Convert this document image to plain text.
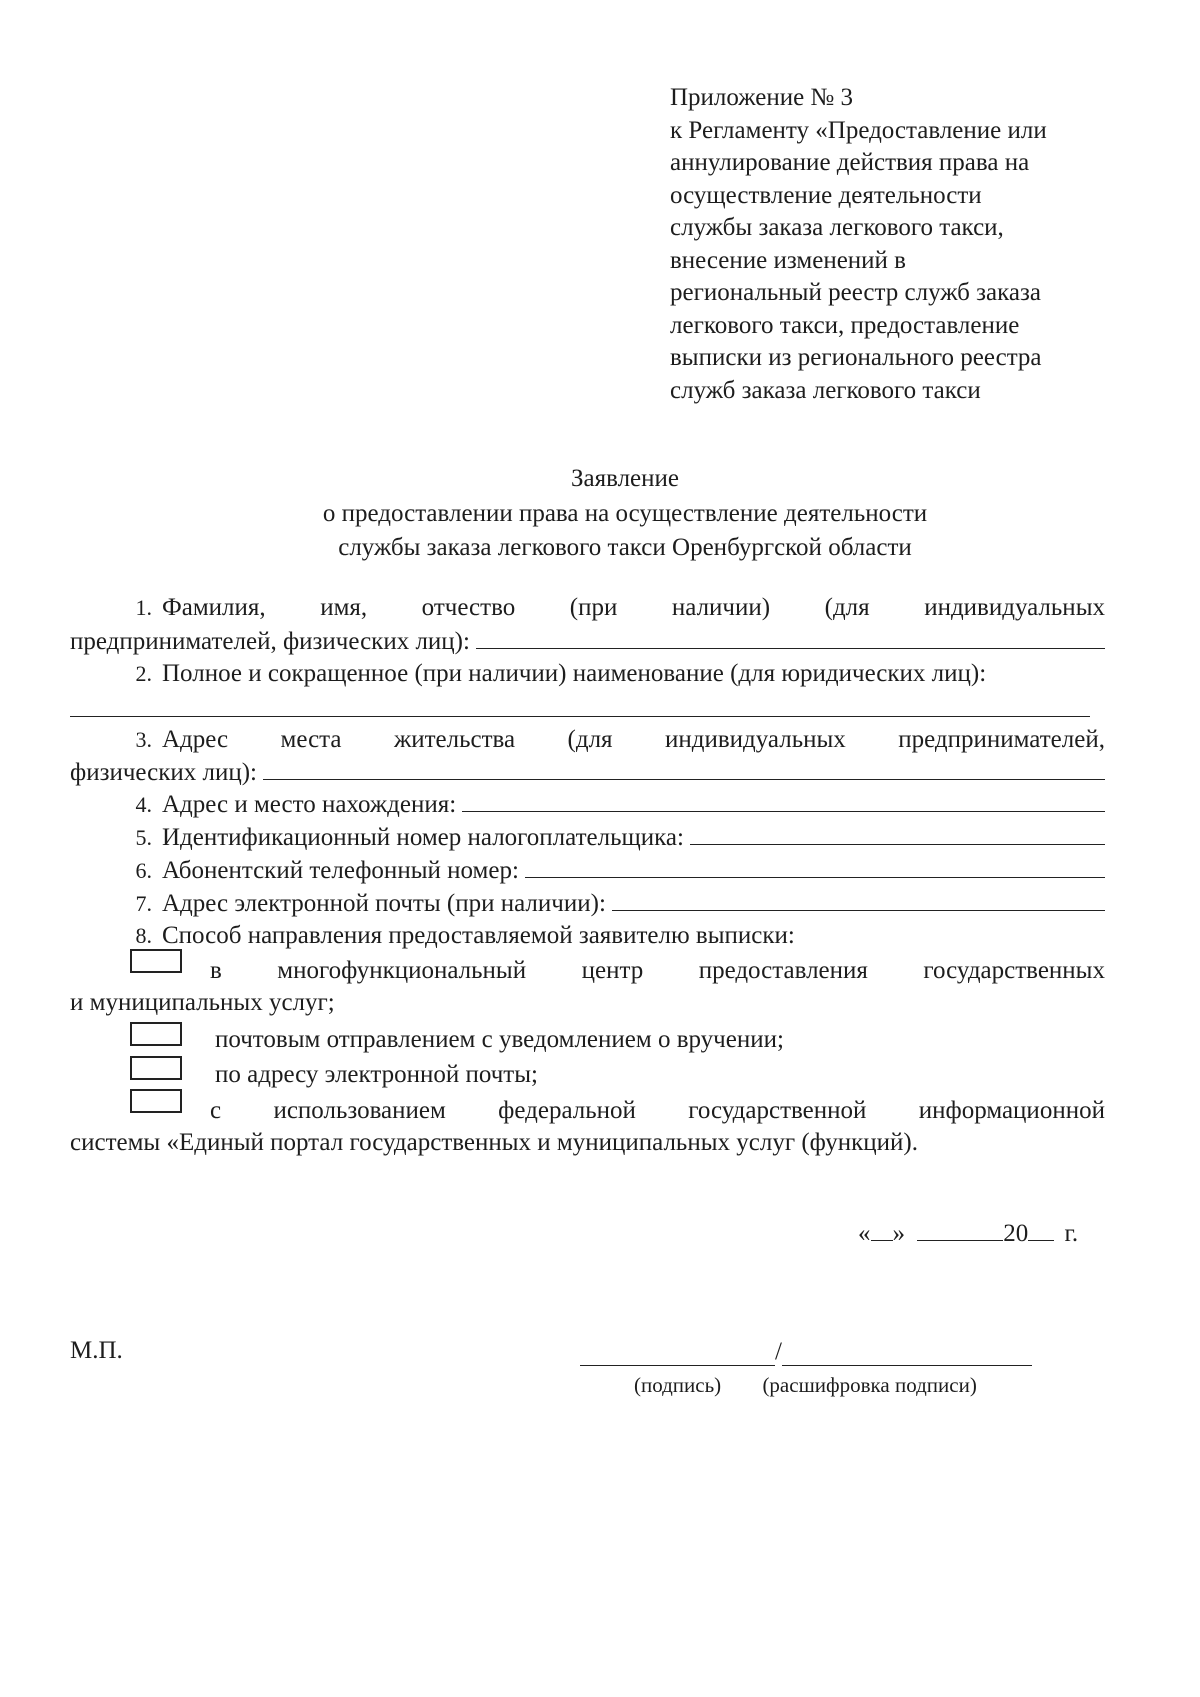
Приложение № 3
к Регламенту «Предоставление или
аннулирование действия права на
осуществление деятельности
службы заказа легкового такси,
внесение изменений в
региональный реестр служб заказа
легкового такси, предоставление
выписки из регионального реестра
служб заказа легкового такси
Заявление
о предоставлении права на осуществление деятельности
службы заказа легкового такси Оренбургской области
1. Фамилия, имя, отчество (при наличии) (для индивидуальных
предпринимателей, физических лиц):
2. Полное и сокращенное (при наличии) наименование (для юридических лиц):
3. Адрес места жительства (для индивидуальных предпринимателей,
физических лиц):
4. Адрес и место нахождения:
5. Идентификационный номер налогоплательщика:
6. Абонентский телефонный номер:
7. Адрес электронной почты (при наличии):
8. Способ направления предоставляемой заявителю выписки:
в многофункциональный центр предоставления государственных
и муниципальных услуг;
почтовым отправлением с уведомлением о вручении;
по адресу электронной почты;
с использованием федеральной государственной информационной
системы «Единый портал государственных и муниципальных услуг (функций).
« »	20 г.
М.П.	/
(подпись) (расшифровка подписи)
